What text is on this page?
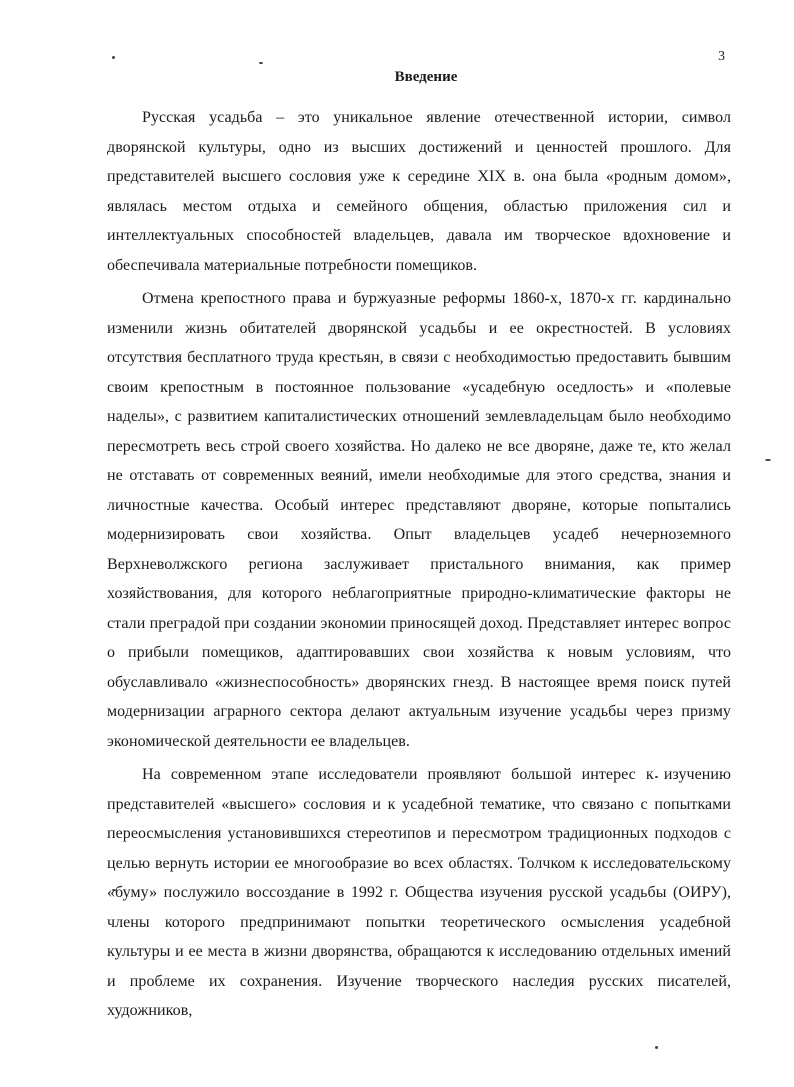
3
Введение

Русская усадьба – это уникальное явление отечественной истории, символ дворянской культуры, одно из высших достижений и ценностей прошлого. Для представителей высшего сословия уже к середине XIX в. она была «родным домом», являлась местом отдыха и семейного общения, областью приложения сил и интеллектуальных способностей владельцев, давала им творческое вдохновение и обеспечивала материальные потребности помещиков.

Отмена крепостного права и буржуазные реформы 1860-х, 1870-х гг. кардинально изменили жизнь обитателей дворянской усадьбы и ее окрестностей. В условиях отсутствия бесплатного труда крестьян, в связи с необходимостью предоставить бывшим своим крепостным в постоянное пользование «усадебную оседлость» и «полевые наделы», с развитием капиталистических отношений землевладельцам было необходимо пересмотреть весь строй своего хозяйства. Но далеко не все дворяне, даже те, кто желал не отставать от современных веяний, имели необходимые для этого средства, знания и личностные качества. Особый интерес представляют дворяне, которые попытались модернизировать свои хозяйства. Опыт владельцев усадеб нечерноземного Верхневолжского региона заслуживает пристального внимания, как пример хозяйствования, для которого неблагоприятные природно-климатические факторы не стали преградой при создании экономии приносящей доход. Представляет интерес вопрос о прибыли помещиков, адаптировавших свои хозяйства к новым условиям, что обуславливало «жизнеспособность» дворянских гнезд. В настоящее время поиск путей модернизации аграрного сектора делают актуальным изучение усадьбы через призму экономической деятельности ее владельцев.

На современном этапе исследователи проявляют большой интерес к изучению представителей «высшего» сословия и к усадебной тематике, что связано с попытками переосмысления установившихся стереотипов и пересмотром традиционных подходов с целью вернуть истории ее многообразие во всех областях. Толчком к исследовательскому «буму» послужило воссоздание в 1992 г. Общества изучения русской усадьбы (ОИРУ), члены которого предпринимают попытки теоретического осмысления усадебной культуры и ее места в жизни дворянства, обращаются к исследованию отдельных имений и проблеме их сохранения. Изучение творческого наследия русских писателей, художников,
